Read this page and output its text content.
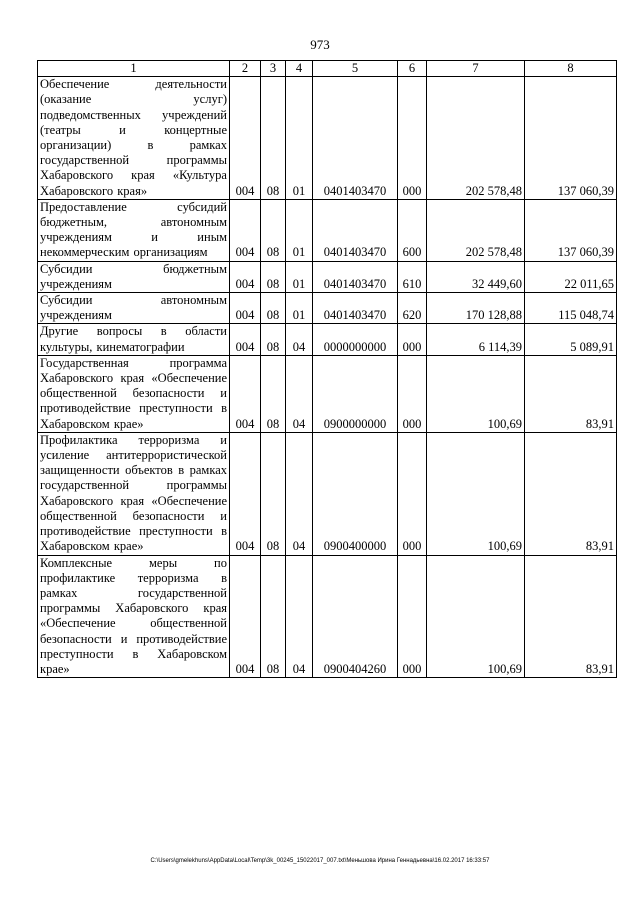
973
1	2	3	4	5	6	7	8
Обеспечение деятельности (оказание услуг) подведомственных учреждений (театры и концертные организации) в рамках государственной программы Хабаровского края «Культура Хабаровского края»	004	08	01	0401403470	000	202 578,48	137 060,39
Предоставление субсидий бюджетным, автономным учреждениям и иным некоммерческим организациям	004	08	01	0401403470	600	202 578,48	137 060,39
Субсидии бюджетным учреждениям	004	08	01	0401403470	610	32 449,60	22 011,65
Субсидии автономным учреждениям	004	08	01	0401403470	620	170 128,88	115 048,74
Другие вопросы в области культуры, кинематографии	004	08	04	0000000000	000	6 114,39	5 089,91
Государственная программа Хабаровского края «Обеспечение общественной безопасности и противодействие преступности в Хабаровском крае»	004	08	04	0900000000	000	100,69	83,91
Профилактика терроризма и усиление антитеррористической защищенности объектов в рамках государственной программы Хабаровского края «Обеспечение общественной безопасности и противодействие преступности в Хабаровском крае»	004	08	04	0900400000	000	100,69	83,91
Комплексные меры по профилактике терроризма в рамках государственной программы Хабаровского края «Обеспечение общественной безопасности и противодействие преступности в Хабаровском крае»	004	08	04	0900404260	000	100,69	83,91
C:\Users\gmelekhuns\AppData\Local\Temp\3k_00245_15022017_007.txt\Меньшова Ирина Геннадьевна\16.02.2017 16:33:57
